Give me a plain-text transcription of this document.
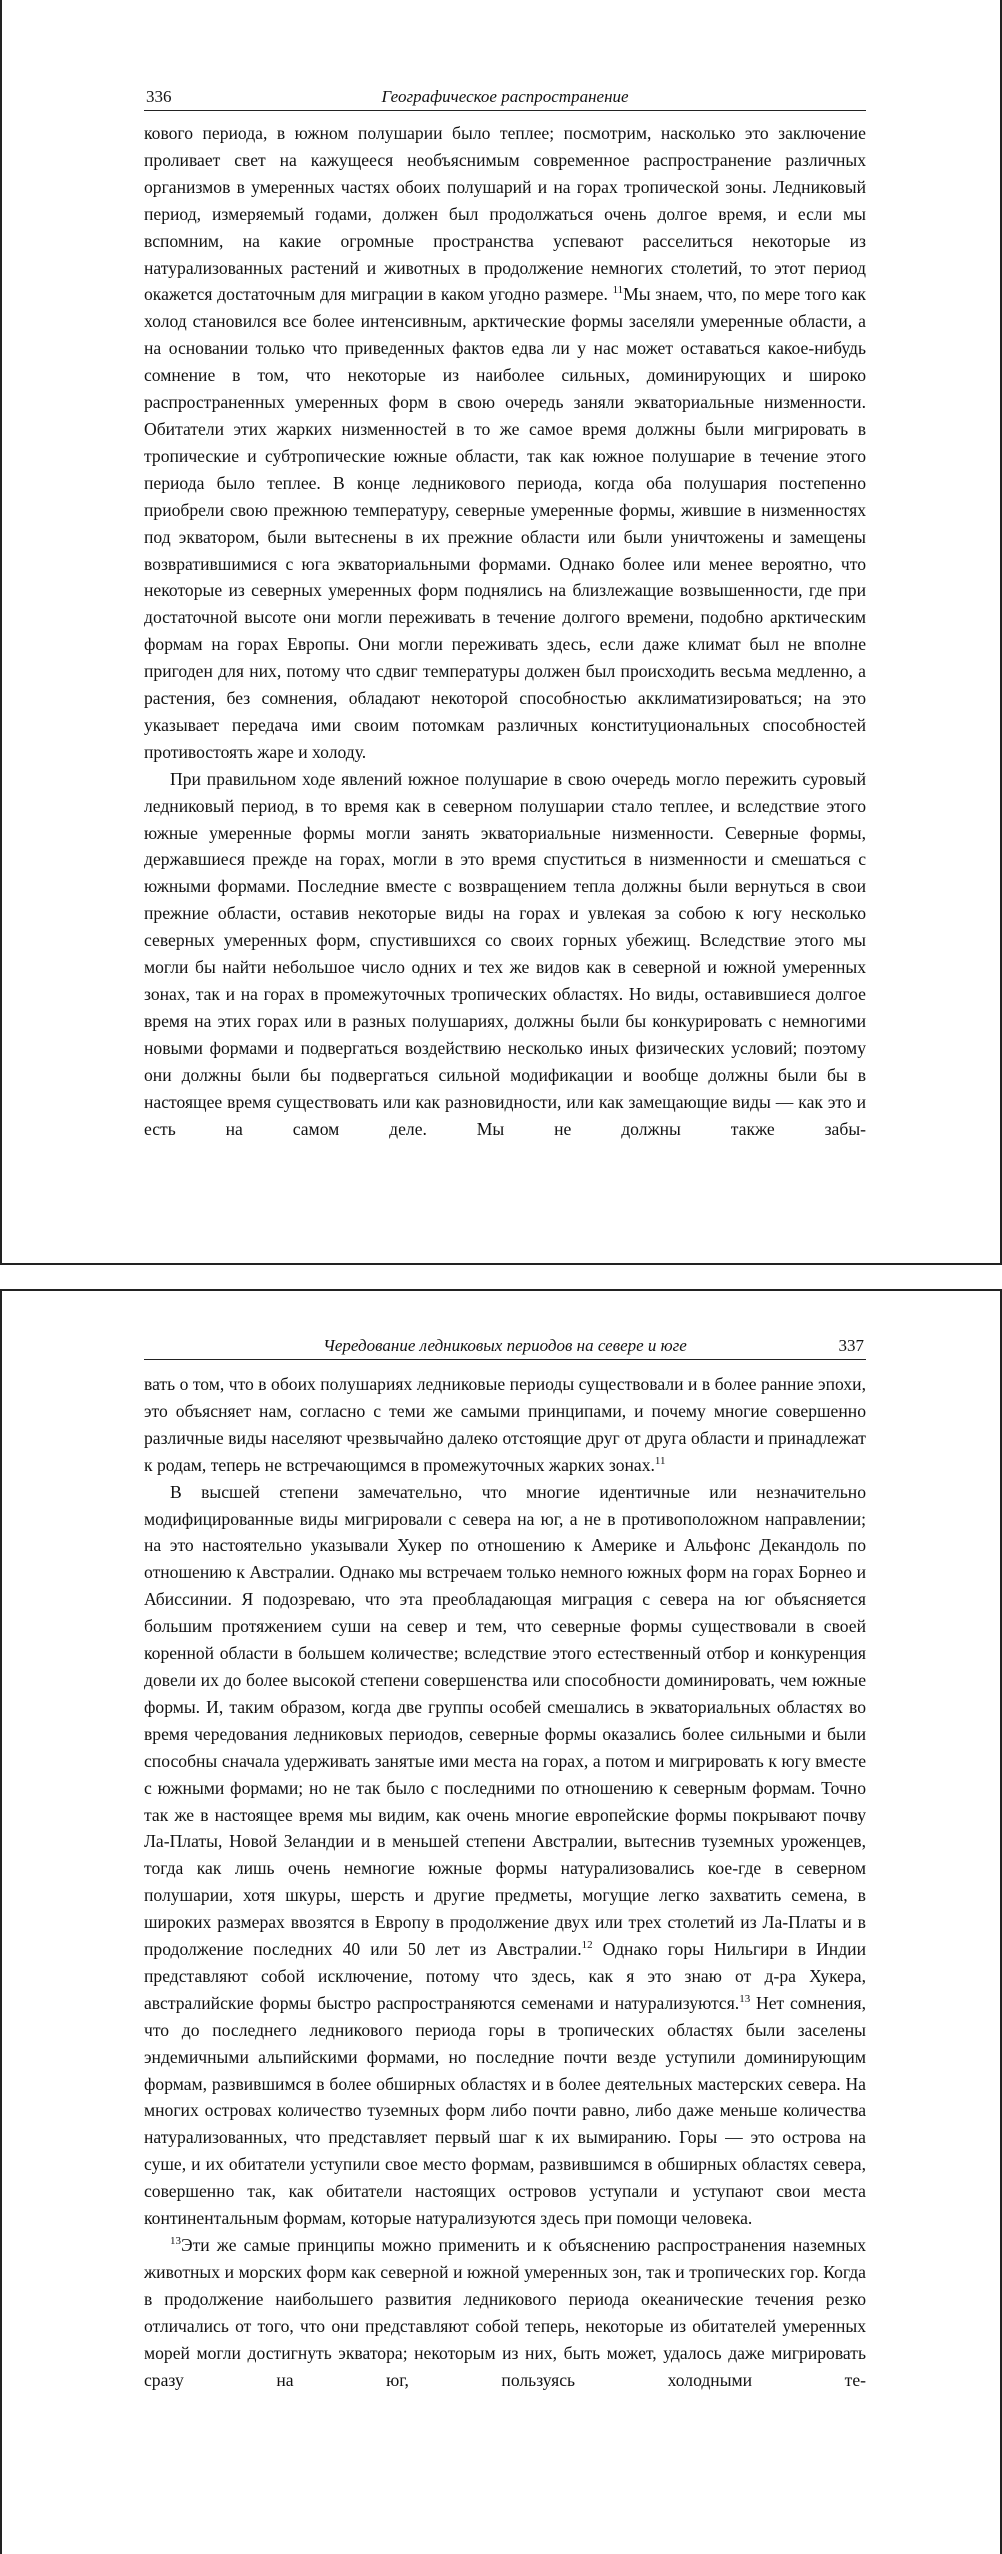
336	Географическое распространение

кового периода, в южном полушарии было теплее; посмотрим, насколько это заключение проливает свет на кажущееся необъяснимым современное распространение различных организмов в умеренных частях обоих полушарий и на горах тропической зоны. Ледниковый период, измеряемый годами, должен был продолжаться очень долгое время, и если мы вспомним, на какие огромные пространства успевают расселиться некоторые из натурализованных растений и животных в продолжение немногих столетий, то этот период окажется достаточным для миграции в каком угодно размере. $^{11}$Мы знаем, что, по мере того как холод становился все более интенсивным, арктические формы заселяли умеренные области, а на основании только что приведенных фактов едва ли у нас может оставаться какое-нибудь сомнение в том, что некоторые из наиболее сильных, доминирующих и широко распространенных умеренных форм в свою очередь заняли экваториальные низменности. Обитатели этих жарких низменностей в то же самое время должны были мигрировать в тропические и субтропические южные области, так как южное полушарие в течение этого периода было теплее. В конце ледникового периода, когда оба полушария постепенно приобрели свою прежнюю температуру, северные умеренные формы, жившие в низменностях под экватором, были вытеснены в их прежние области или были уничтожены и замещены возвратившимися с юга экваториальными формами. Однако более или менее вероятно, что некоторые из северных умеренных форм поднялись на близлежащие возвышенности, где при достаточной высоте они могли переживать в течение долгого времени, подобно арктическим формам на горах Европы. Они могли переживать здесь, если даже климат был не вполне пригоден для них, потому что сдвиг температуры должен был происходить весьма медленно, а растения, без сомнения, обладают некоторой способностью акклиматизироваться; на это указывает передача ими своим потомкам различных конституциональных способностей противостоять жаре и холоду.

При правильном ходе явлений южное полушарие в свою очередь могло пережить суровый ледниковый период, в то время как в северном полушарии стало теплее, и вследствие этого южные умеренные формы могли занять экваториальные низменности. Северные формы, державшиеся прежде на горах, могли в это время спуститься в низменности и смешаться с южными формами. Последние вместе с возвращением тепла должны были вернуться в свои прежние области, оставив некоторые виды на горах и увлекая за собою к югу несколько северных умеренных форм, спустившихся со своих горных убежищ. Вследствие этого мы могли бы найти небольшое число одних и тех же видов как в северной и южной умеренных зонах, так и на горах в промежуточных тропических областях. Но виды, оставившиеся долгое время на этих горах или в разных полушариях, должны были бы конкурировать с немногими новыми формами и подвергаться воздействию несколько иных физических условий; поэтому они должны были бы подвергаться сильной модификации и вообще должны были бы в настоящее время существовать или как разновидности, или как замещающие виды — как это и есть на самом деле. Мы не должны также забы-

Чередование ледниковых периодов на севере и юге	337

вать о том, что в обоих полушариях ледниковые периоды существовали и в более ранние эпохи, это объясняет нам, согласно с теми же самыми принципами, и почему многие совершенно различные виды населяют чрезвычайно далеко отстоящие друг от друга области и принадлежат к родам, теперь не встречающимся в промежуточных жарких зонах.$^{11}$

В высшей степени замечательно, что многие идентичные или незначительно модифицированные виды мигрировали с севера на юг, а не в противоположном направлении; на это настоятельно указывали Хукер по отношению к Америке и Альфонс Декандоль по отношению к Австралии. Однако мы встречаем только немного южных форм на горах Борнео и Абиссинии. Я подозреваю, что эта преобладающая миграция с севера на юг объясняется большим протяжением суши на север и тем, что северные формы существовали в своей коренной области в большем количестве; вследствие этого естественный отбор и конкуренция довели их до более высокой степени совершенства или способности доминировать, чем южные формы. И, таким образом, когда две группы особей смешались в экваториальных областях во время чередования ледниковых периодов, северные формы оказались более сильными и были способны сначала удерживать занятые ими места на горах, а потом и мигрировать к югу вместе с южными формами; но не так было с последними по отношению к северным формам. Точно так же в настоящее время мы видим, как очень многие европейские формы покрывают почву Ла-Платы, Новой Зеландии и в меньшей степени Австралии, вытеснив туземных уроженцев, тогда как лишь очень немногие южные формы натурализовались кое-где в северном полушарии, хотя шкуры, шерсть и другие предметы, могущие легко захватить семена, в широких размерах ввозятся в Европу в продолжение двух или трех столетий из Ла-Платы и в продолжение последних 40 или 50 лет из Австралии.$^{12}$ Однако горы Нильгири в Индии представляют собой исключение, потому что здесь, как я это знаю от д-ра Хукера, австралийские формы быстро распространяются семенами и натурализуются.$^{13}$ Нет сомнения, что до последнего ледникового периода горы в тропических областях были заселены эндемичными альпийскими формами, но последние почти везде уступили доминирующим формам, развившимся в более обширных областях и в более деятельных мастерских севера. На многих островах количество туземных форм либо почти равно, либо даже меньше количества натурализованных, что представляет первый шаг к их вымиранию. Горы — это острова на суше, и их обитатели уступили свое место формам, развившимся в обширных областях севера, совершенно так, как обитатели настоящих островов уступали и уступают свои места континентальным формам, которые натурализуются здесь при помощи человека.

$^{13}$Эти же самые принципы можно применить и к объяснению распространения наземных животных и морских форм как северной и южной умеренных зон, так и тропических гор. Когда в продолжение наибольшего развития ледникового периода океанические течения резко отличались от того, что они представляют собой теперь, некоторые из обитателей умеренных морей могли достигнуть экватора; некоторым из них, быть может, удалось даже мигрировать сразу на юг, пользуясь холодными те-
